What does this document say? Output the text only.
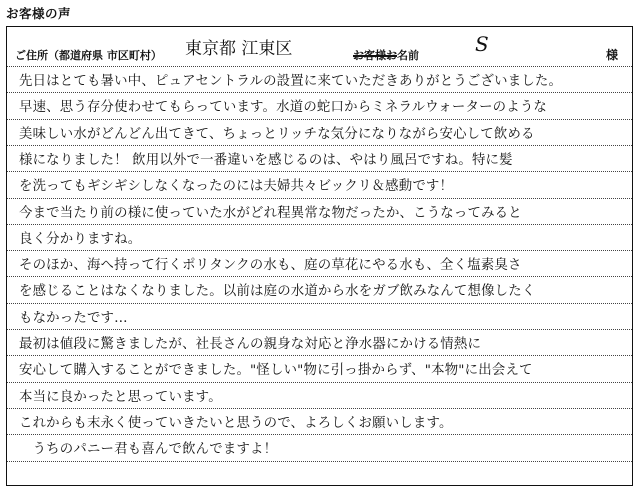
お客様の声
ご住所（都道府県 市区町村） 東京都 江東区	お客様お名前	S	様
先日はとても暑い中、ピュアセントラルの設置に来ていただきありがとうございました。
早速、思う存分使わせてもらっています。水道の蛇口からミネラルウォーターのような
美味しい水がどんどん出てきて、ちょっとリッチな気分になりながら安心して飲める
様になりました！ 飲用以外で一番違いを感じるのは、やはり風呂ですね。特に髪
を洗ってもギシギシしなくなったのには夫婦共々ビックリ＆感動です！
今まで当たり前の様に使っていた水がどれ程異常な物だったか、こうなってみると
良く分かりますね。
そのほか、海へ持って行くポリタンクの水も、庭の草花にやる水も、全く塩素臭さ
を感じることはなくなりました。以前は庭の水道から水をガブ飲みなんて想像したく
もなかったです…
最初は値段に驚きましたが、社長さんの親身な対応と浄水器にかける情熱に
安心して購入することができました。"怪しい"物に引っ掛からず、"本物"に出会えて
本当に良かったと思っています。
これからも末永く使っていきたいと思うので、よろしくお願いします。
　うちのパニー君も喜んで飲んでますよ！
